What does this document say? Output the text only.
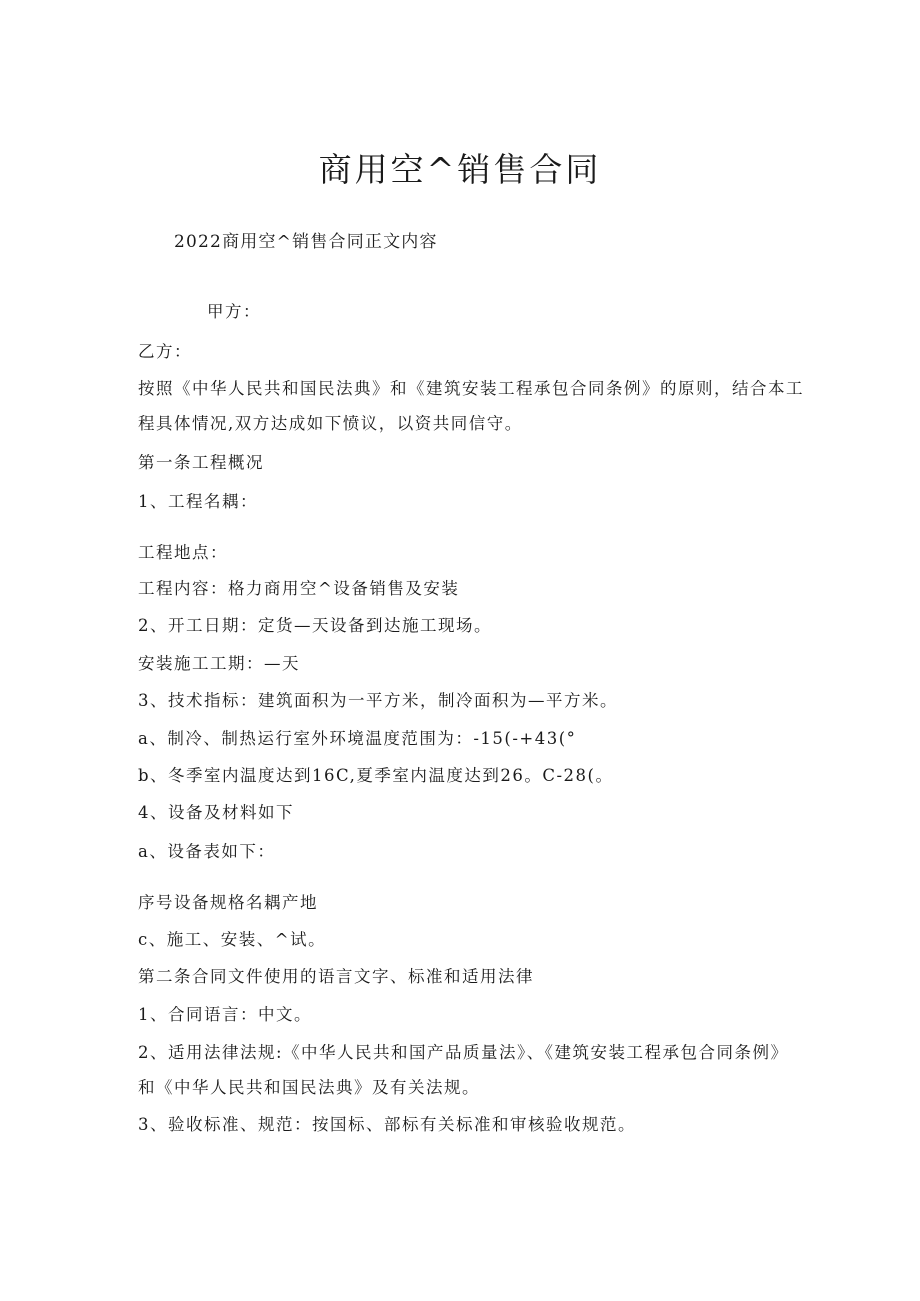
商用空^销售合同
2022商用空^销售合同正文内容
甲方：
乙方：
按照《中华人民共和国民法典》和《建筑安装工程承包合同条例》的原则，结合本工
程具体情况,双方达成如下愤议，以资共同信守。
第一条工程概况
1、工程名耦：
工程地点：
工程内容：格力商用空^设备销售及安装
2、开工日期：定货—天设备到达施工现场。
安装施工工期：—天
3、技术指标：建筑面积为一平方米，制冷面积为—平方米。
a、制冷、制热运行室外环境温度范围为：-15(-+43(°
b、冬季室内温度达到16C,夏季室内温度达到26。C-28(。
4、设备及材料如下
a、设备表如下：
序号设备规格名耦产地
c、施工、安装、^试。
第二条合同文件使用的语言文字、标准和适用法律
1、合同语言：中文。
2、适用法律法规:《中华人民共和国产品质量法》、《建筑安装工程承包合同条例》
和《中华人民共和国民法典》及有关法规。
3、验收标准、规范：按国标、部标有关标准和审核验收规范。
